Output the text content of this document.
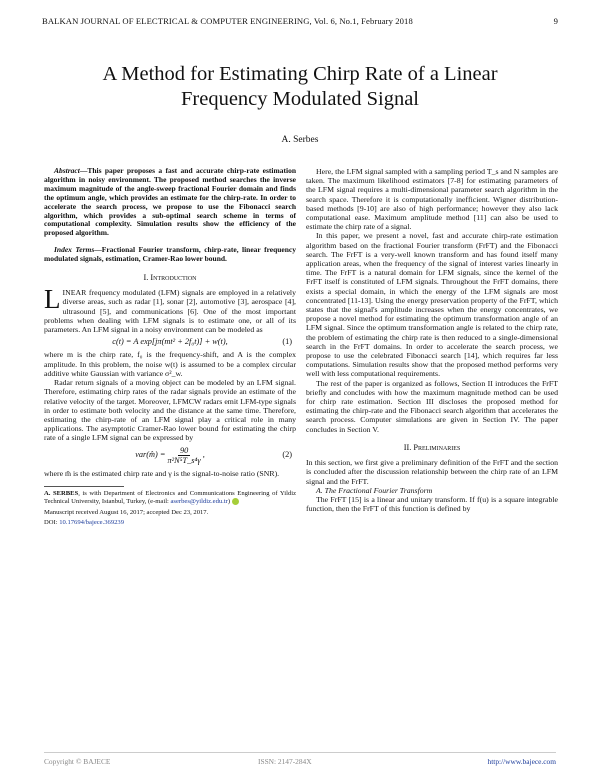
BALKAN JOURNAL OF ELECTRICAL & COMPUTER ENGINEERING, Vol. 6, No.1, February 2018	9
A Method for Estimating Chirp Rate of a Linear
Frequency Modulated Signal
A. Serbes

Abstract—This paper proposes a fast and accurate chirp-rate estimation algorithm in noisy environment. The proposed method searches the inverse maximum magnitude of the angle-sweep fractional Fourier domain and finds the optimum angle, which provides an estimate for the chirp-rate. In order to accelerate the search process, we propose to use the Fibonacci search algorithm, which provides a sub-optimal search scheme in terms of computational complexity. Simulation results show the efficiency of the proposed algorithm.

Index Terms—Fractional Fourier transform, chirp-rate, linear frequency modulated signals, estimation, Cramer-Rao lower bound.

I. Introduction

LINEAR frequency modulated (LFM) signals are employed in a relatively diverse areas, such as radar [1], sonar [2], automotive [3], aerospace [4], ultrasound [5], and communications [6]. One of the most important problems when dealing with LFM signals is to estimate one, or all of its parameters. An LFM signal in a noisy environment can be modeled as

c(t) = A exp[jπ(mt² + 2f₀t)] + w(t),	(1)

where m is the chirp rate, f₀ is the frequency-shift, and A is the complex amplitude. In this problem, the noise w(t) is assumed to be a complex circular additive white Gaussian with variance σ²_w.

Radar return signals of a moving object can be modeled by an LFM signal. Therefore, estimating chirp rates of the radar signals provide an estimate of the relative velocity of the target. Moreover, LFMCW radars emit LFM-type signals in order to estimate both velocity and the distance at the same time. Therefore, estimating the chirp-rate of an LFM signal play a critical role in many applications. The asymptotic Cramer-Rao lower bound for estimating the chirp rate of a single LFM signal can be expressed by

var(m̂) = $\frac{90}{\text{π²N⁵T\_s⁴γ}}$ ,	(2)

where m̂ is the estimated chirp rate and γ is the signal-to-noise ratio (SNR).

A. SERBES, is with Department of Electronics and Communications Engineering of Yildiz Technical University, Istanbul, Turkey, (e-mail: aserbes@yildiz.edu.tr)

Manuscript received August 16, 2017; accepted Dec 23, 2017.

DOI: 10.17694/bajece.369239

Here, the LFM signal sampled with a sampling period T_s and N samples are taken. The maximum likelihood estimators [7-8] for estimating parameters of the LFM signal requires a multi-dimensional parameter search algorithm in the search space. Therefore it is computationally inefficient. Wigner distribution-based methods [9-10] are also of high performance; however they also lack computational ease. Maximum amplitude method [11] can also be used to estimate the chirp rate of a signal.

In this paper, we present a novel, fast and accurate chirp-rate estimation algorithm based on the fractional Fourier transform (FrFT) and the Fibonacci search. The FrFT is a very-well known transform and has found itself many application areas, when the frequency of the signal of interest varies linearly in time. The FrFT is a natural domain for LFM signals, since the kernel of the FrFT itself is constituted of LFM signals. Throughout the FrFT domains, there exists a special domain, in which the energy of the LFM signals are most concentrated [11-13]. Using the energy preservation property of the FrFT, which states that the signal's amplitude increases when the energy concentrates, we propose a novel method for estimating the optimum transformation angle of an LFM signal. Since the optimum transformation angle is related to the chirp rate, the problem of estimating the chirp rate is then reduced to a single-dimensional search in the FrFT domains. In order to accelerate the search process, we propose to use the celebrated Fibonacci search [14], which requires far less computations. Simulation results show that the proposed method performs very well with less computational requirements.

The rest of the paper is organized as follows, Section II introduces the FrFT briefly and concludes with how the maximum magnitude method can be used for chirp rate estimation. Section III discloses the proposed method for estimating the chirp-rate and the Fibonacci search algorithm that accelerates the search process. Computer simulations are given in Section IV. The paper concludes in Section V.

II. Preliminaries

In this section, we first give a preliminary definition of the FrFT and the section is concluded after the discussion relationship between the chirp rate of an LFM signal and the FrFT.

A. The Fractional Fourier Transform

The FrFT [15] is a linear and unitary transform. If f(u) is a square integrable function, then the FrFT of this function is defined by

Copyright © BAJECE	ISSN: 2147-284X	http://www.bajece.com
